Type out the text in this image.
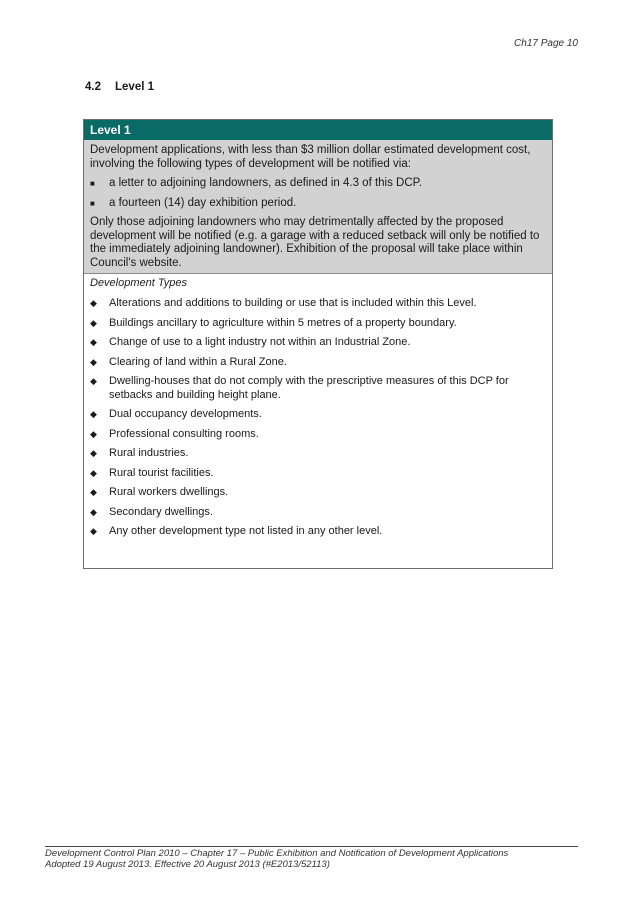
Ch17 Page 10
4.2 Level 1
Level 1

Development applications, with less than $3 million dollar estimated development cost, involving the following types of development will be notified via:

■	a letter to adjoining landowners, as defined in 4.3 of this DCP.
■	a fourteen (14) day exhibition period.

Only those adjoining landowners who may detrimentally affected by the proposed development will be notified (e.g. a garage with a reduced setback will only be notified to the immediately adjoining landowner). Exhibition of the proposal will take place within Council's website.

Development Types

◆	Alterations and additions to building or use that is included within this Level.
◆	Buildings ancillary to agriculture within 5 metres of a property boundary.
◆	Change of use to a light industry not within an Industrial Zone.
◆	Clearing of land within a Rural Zone.
◆	Dwelling-houses that do not comply with the prescriptive measures of this DCP for setbacks and building height plane.
◆	Dual occupancy developments.
◆	Professional consulting rooms.
◆	Rural industries.
◆	Rural tourist facilities.
◆	Rural workers dwellings.
◆	Secondary dwellings.
◆	Any other development type not listed in any other level.
Development Control Plan 2010 – Chapter 17 – Public Exhibition and Notification of Development Applications
Adopted 19 August 2013. Effective 20 August 2013 (#E2013/52113)
